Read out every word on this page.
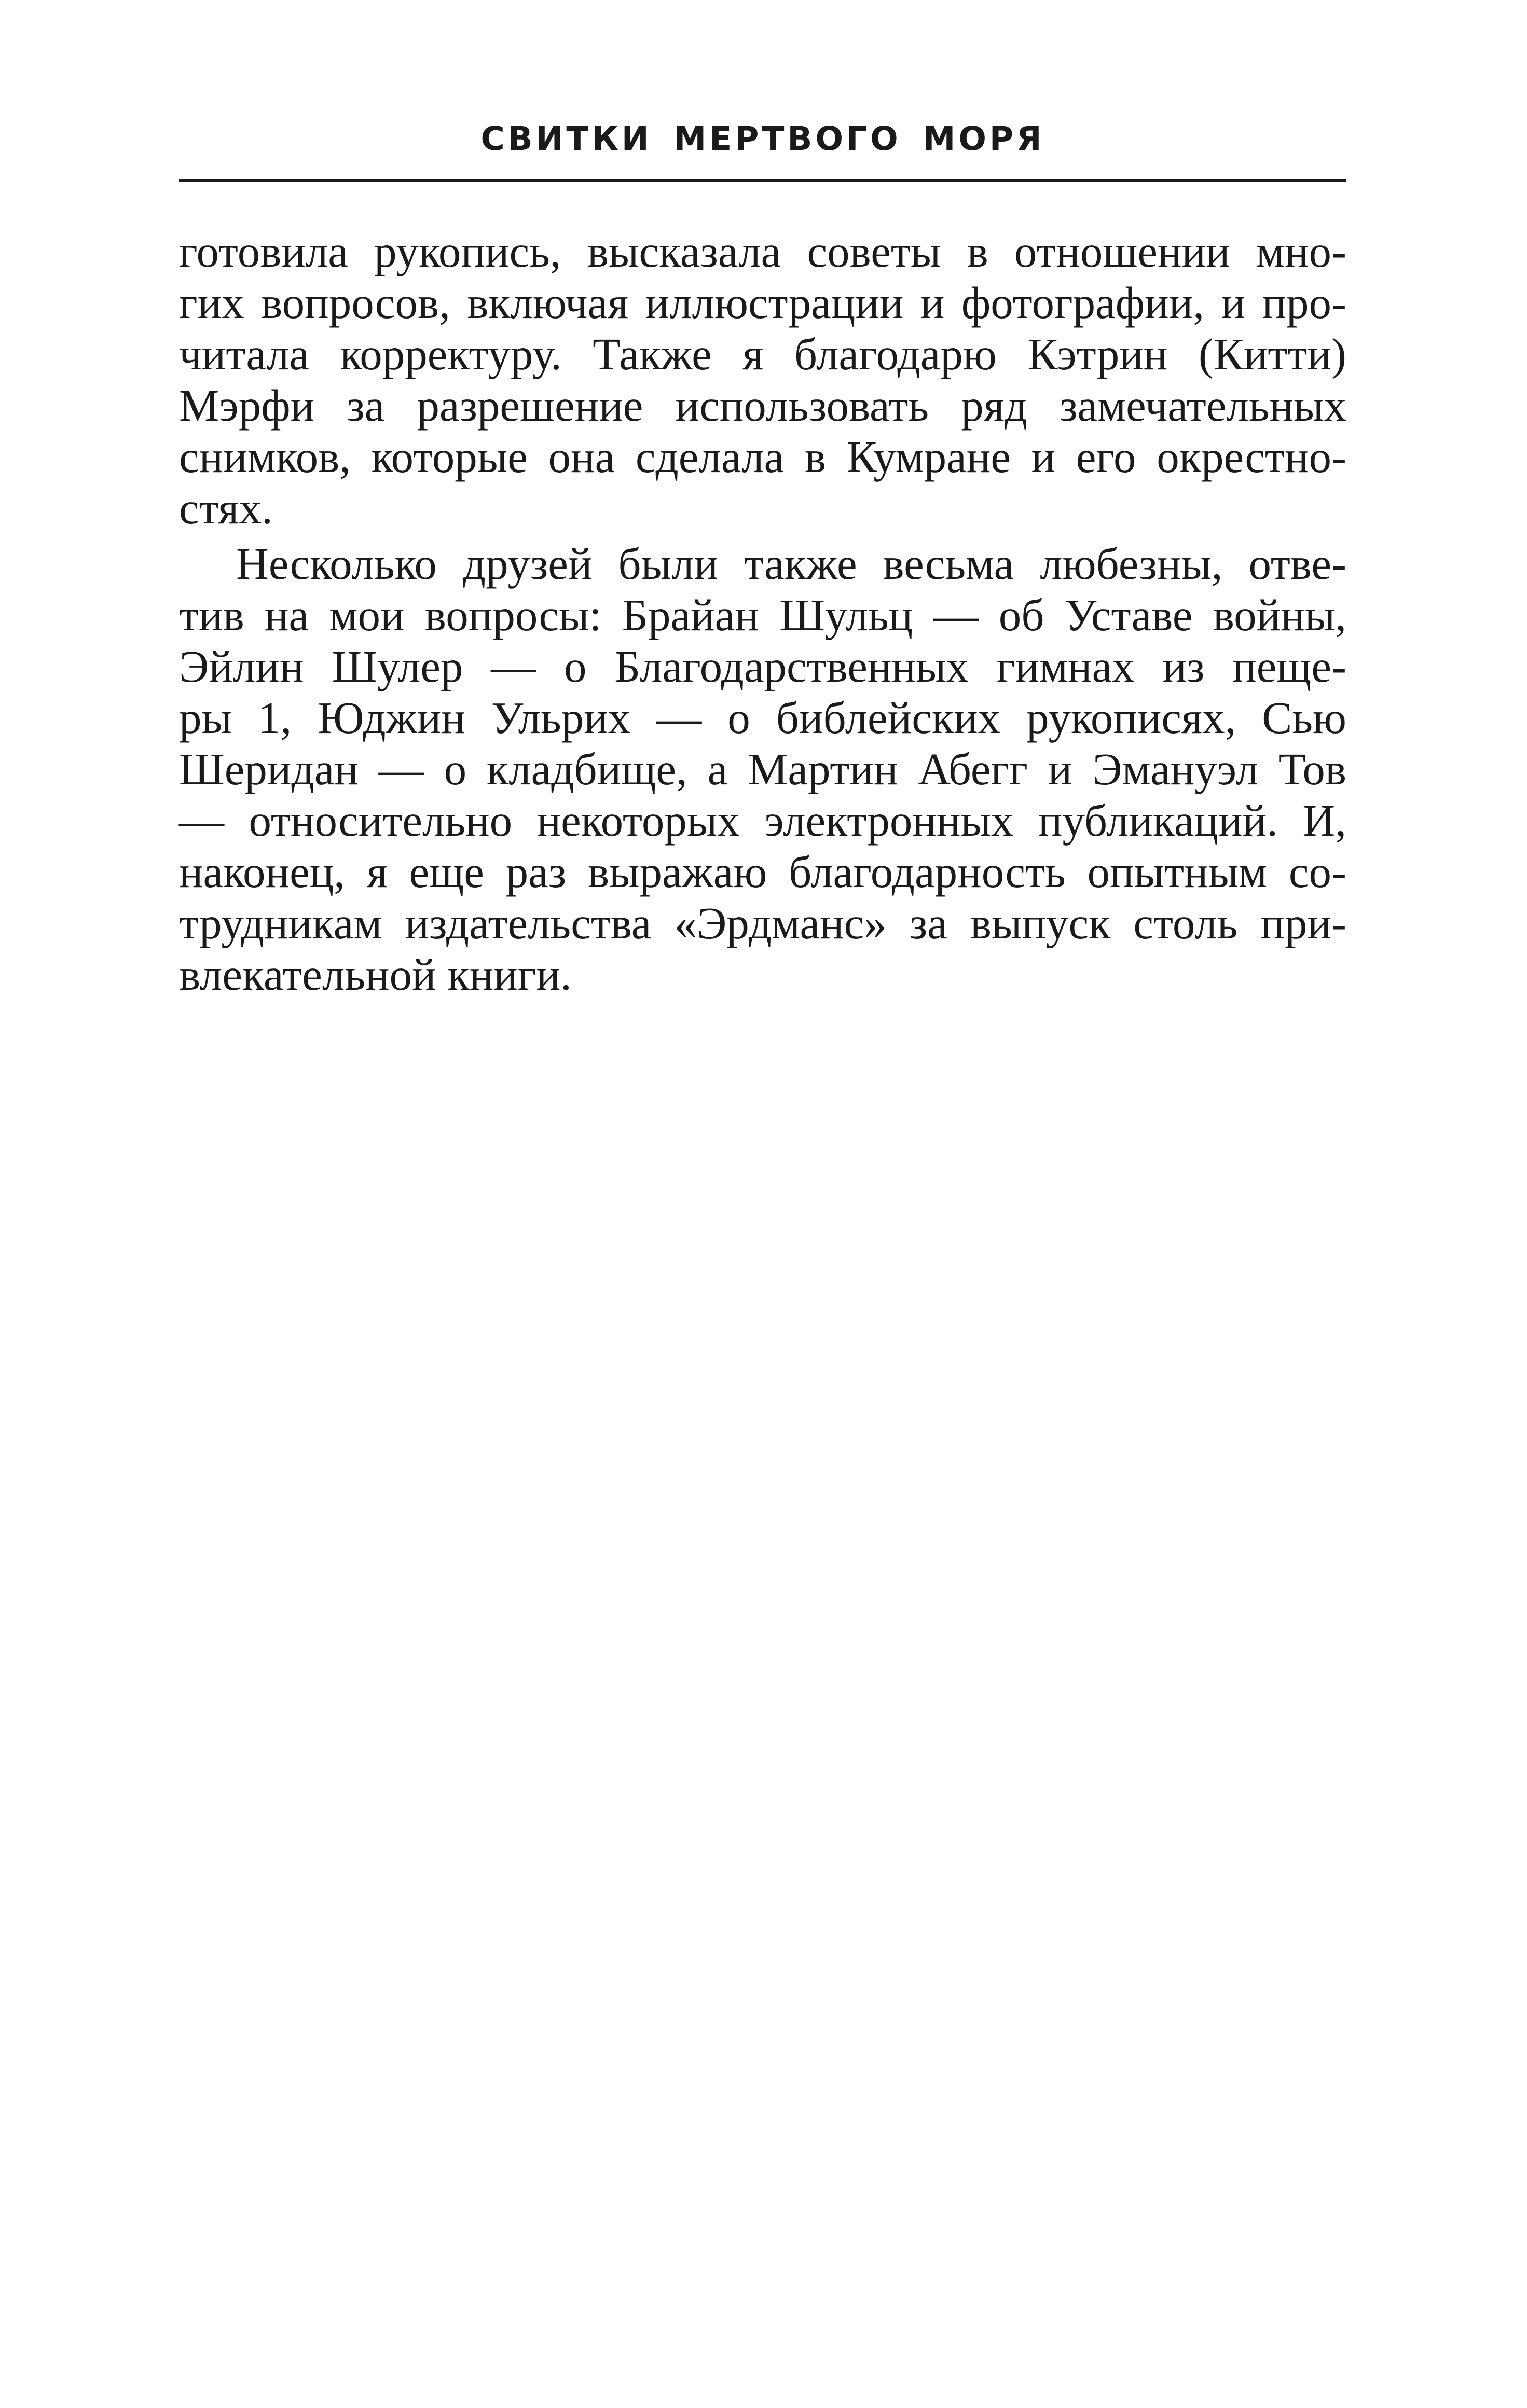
СВИТКИ МЕРТВОГО МОРЯ
готовила рукопись, высказала советы в отношении мно-
гих вопросов, включая иллюстрации и фотографии, и про-
читала корректуру. Также я благодарю Кэтрин (Китти)
Мэрфи за разрешение использовать ряд замечательных
снимков, которые она сделала в Кумране и его окрестно-
стях.
Несколько друзей были также весьма любезны, отве-
тив на мои вопросы: Брайан Шульц — об Уставе войны,
Эйлин Шулер — о Благодарственных гимнах из пеще-
ры 1, Юджин Ульрих — о библейских рукописях, Сью
Шеридан — о кладбище, а Мартин Абегг и Эмануэл Тов
— относительно некоторых электронных публикаций. И,
наконец, я еще раз выражаю благодарность опытным со-
трудникам издательства «Эрдманс» за выпуск столь при-
влекательной книги.
